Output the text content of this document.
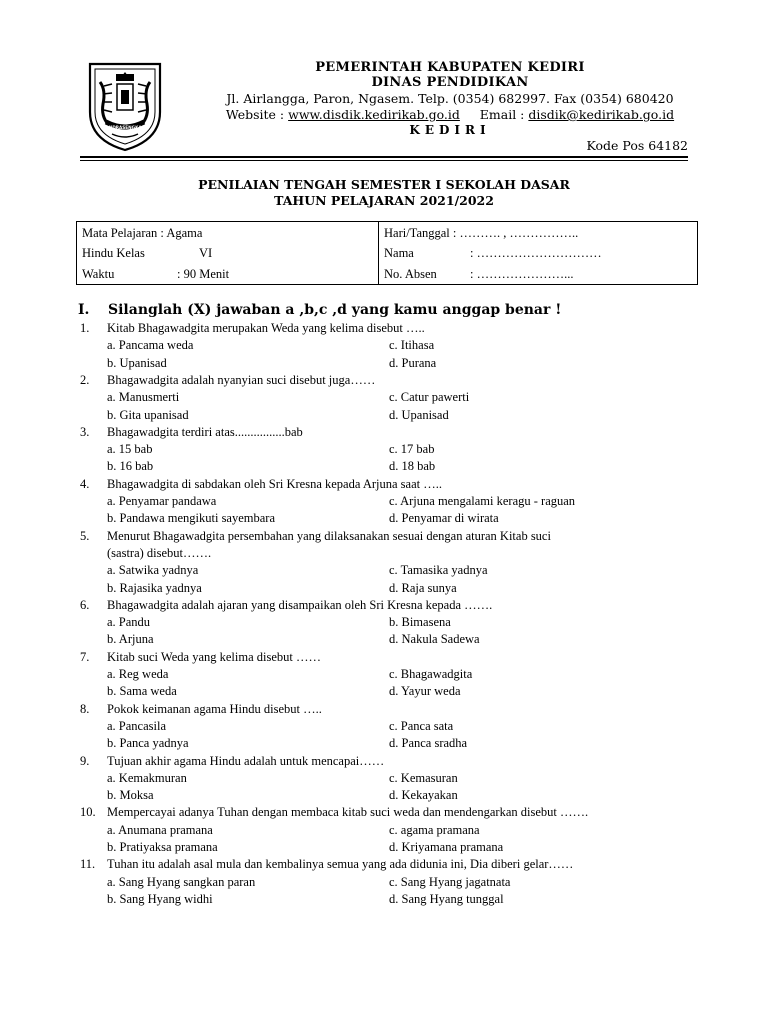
CANDRASENGKALA
PEMERINTAH KABUPATEN KEDIRI
DINAS PENDIDIKAN
Jl. Airlangga, Paron, Ngasem. Telp. (0354) 682997. Fax (0354) 680420
Website : www.disdik.kedirikab.go.id Email : disdik@kedirikab.go.id
KEDIRI
Kode Pos 64182
PENILAIAN TENGAH SEMESTER I SEKOLAH DASAR
TAHUN PELAJARAN 2021/2022
Mata Pelajaran : Agama
Hindu Kelas	VI
Waktu	: 90 Menit
Hari/Tanggal : ………. , ……………..
Nama	: …………………………
No. Absen	: …………………...
I. Silanglah (X) jawaban a ,b,c ,d yang kamu anggap benar !
1. Kitab Bhagawadgita merupakan Weda yang kelima disebut …..
a. Pancama weda	c. Itihasa
b. Upanisad	d. Purana
2. Bhagawadgita adalah nyanyian suci disebut juga……
a. Manusmerti	c. Catur pawerti
b. Gita upanisad	d. Upanisad
3. Bhagawadgita terdiri atas................bab
a. 15 bab	c. 17 bab
b. 16 bab	d. 18 bab
4. Bhagawadgita di sabdakan oleh Sri Kresna kepada Arjuna saat …..
a. Penyamar pandawa	c. Arjuna mengalami keragu - raguan
b. Pandawa mengikuti sayembara	d. Penyamar di wirata
5. Menurut Bhagawadgita persembahan yang dilaksanakan sesuai dengan aturan Kitab suci
(sastra) disebut…….
a. Satwika yadnya	c. Tamasika yadnya
b. Rajasika yadnya	d. Raja sunya
6. Bhagawadgita adalah ajaran yang disampaikan oleh Sri Kresna kepada …….
a. Pandu	b. Bimasena
b. Arjuna	d. Nakula Sadewa
7. Kitab suci Weda yang kelima disebut ……
a. Reg weda	c. Bhagawadgita
b. Sama weda	d. Yayur weda
8. Pokok keimanan agama Hindu disebut …..
a. Pancasila	c. Panca sata
b. Panca yadnya	d. Panca sradha
9. Tujuan akhir agama Hindu adalah untuk mencapai……
a. Kemakmuran	c. Kemasuran
b. Moksa	d. Kekayakan
10. Mempercayai adanya Tuhan dengan membaca kitab suci weda dan mendengarkan disebut …….
a. Anumana pramana	c. agama pramana
b. Pratiyaksa pramana	d. Kriyamana pramana
11. Tuhan itu adalah asal mula dan kembalinya semua yang ada didunia ini, Dia diberi gelar……
a. Sang Hyang sangkan paran	c. Sang Hyang jagatnata
b. Sang Hyang widhi	d. Sang Hyang tunggal
